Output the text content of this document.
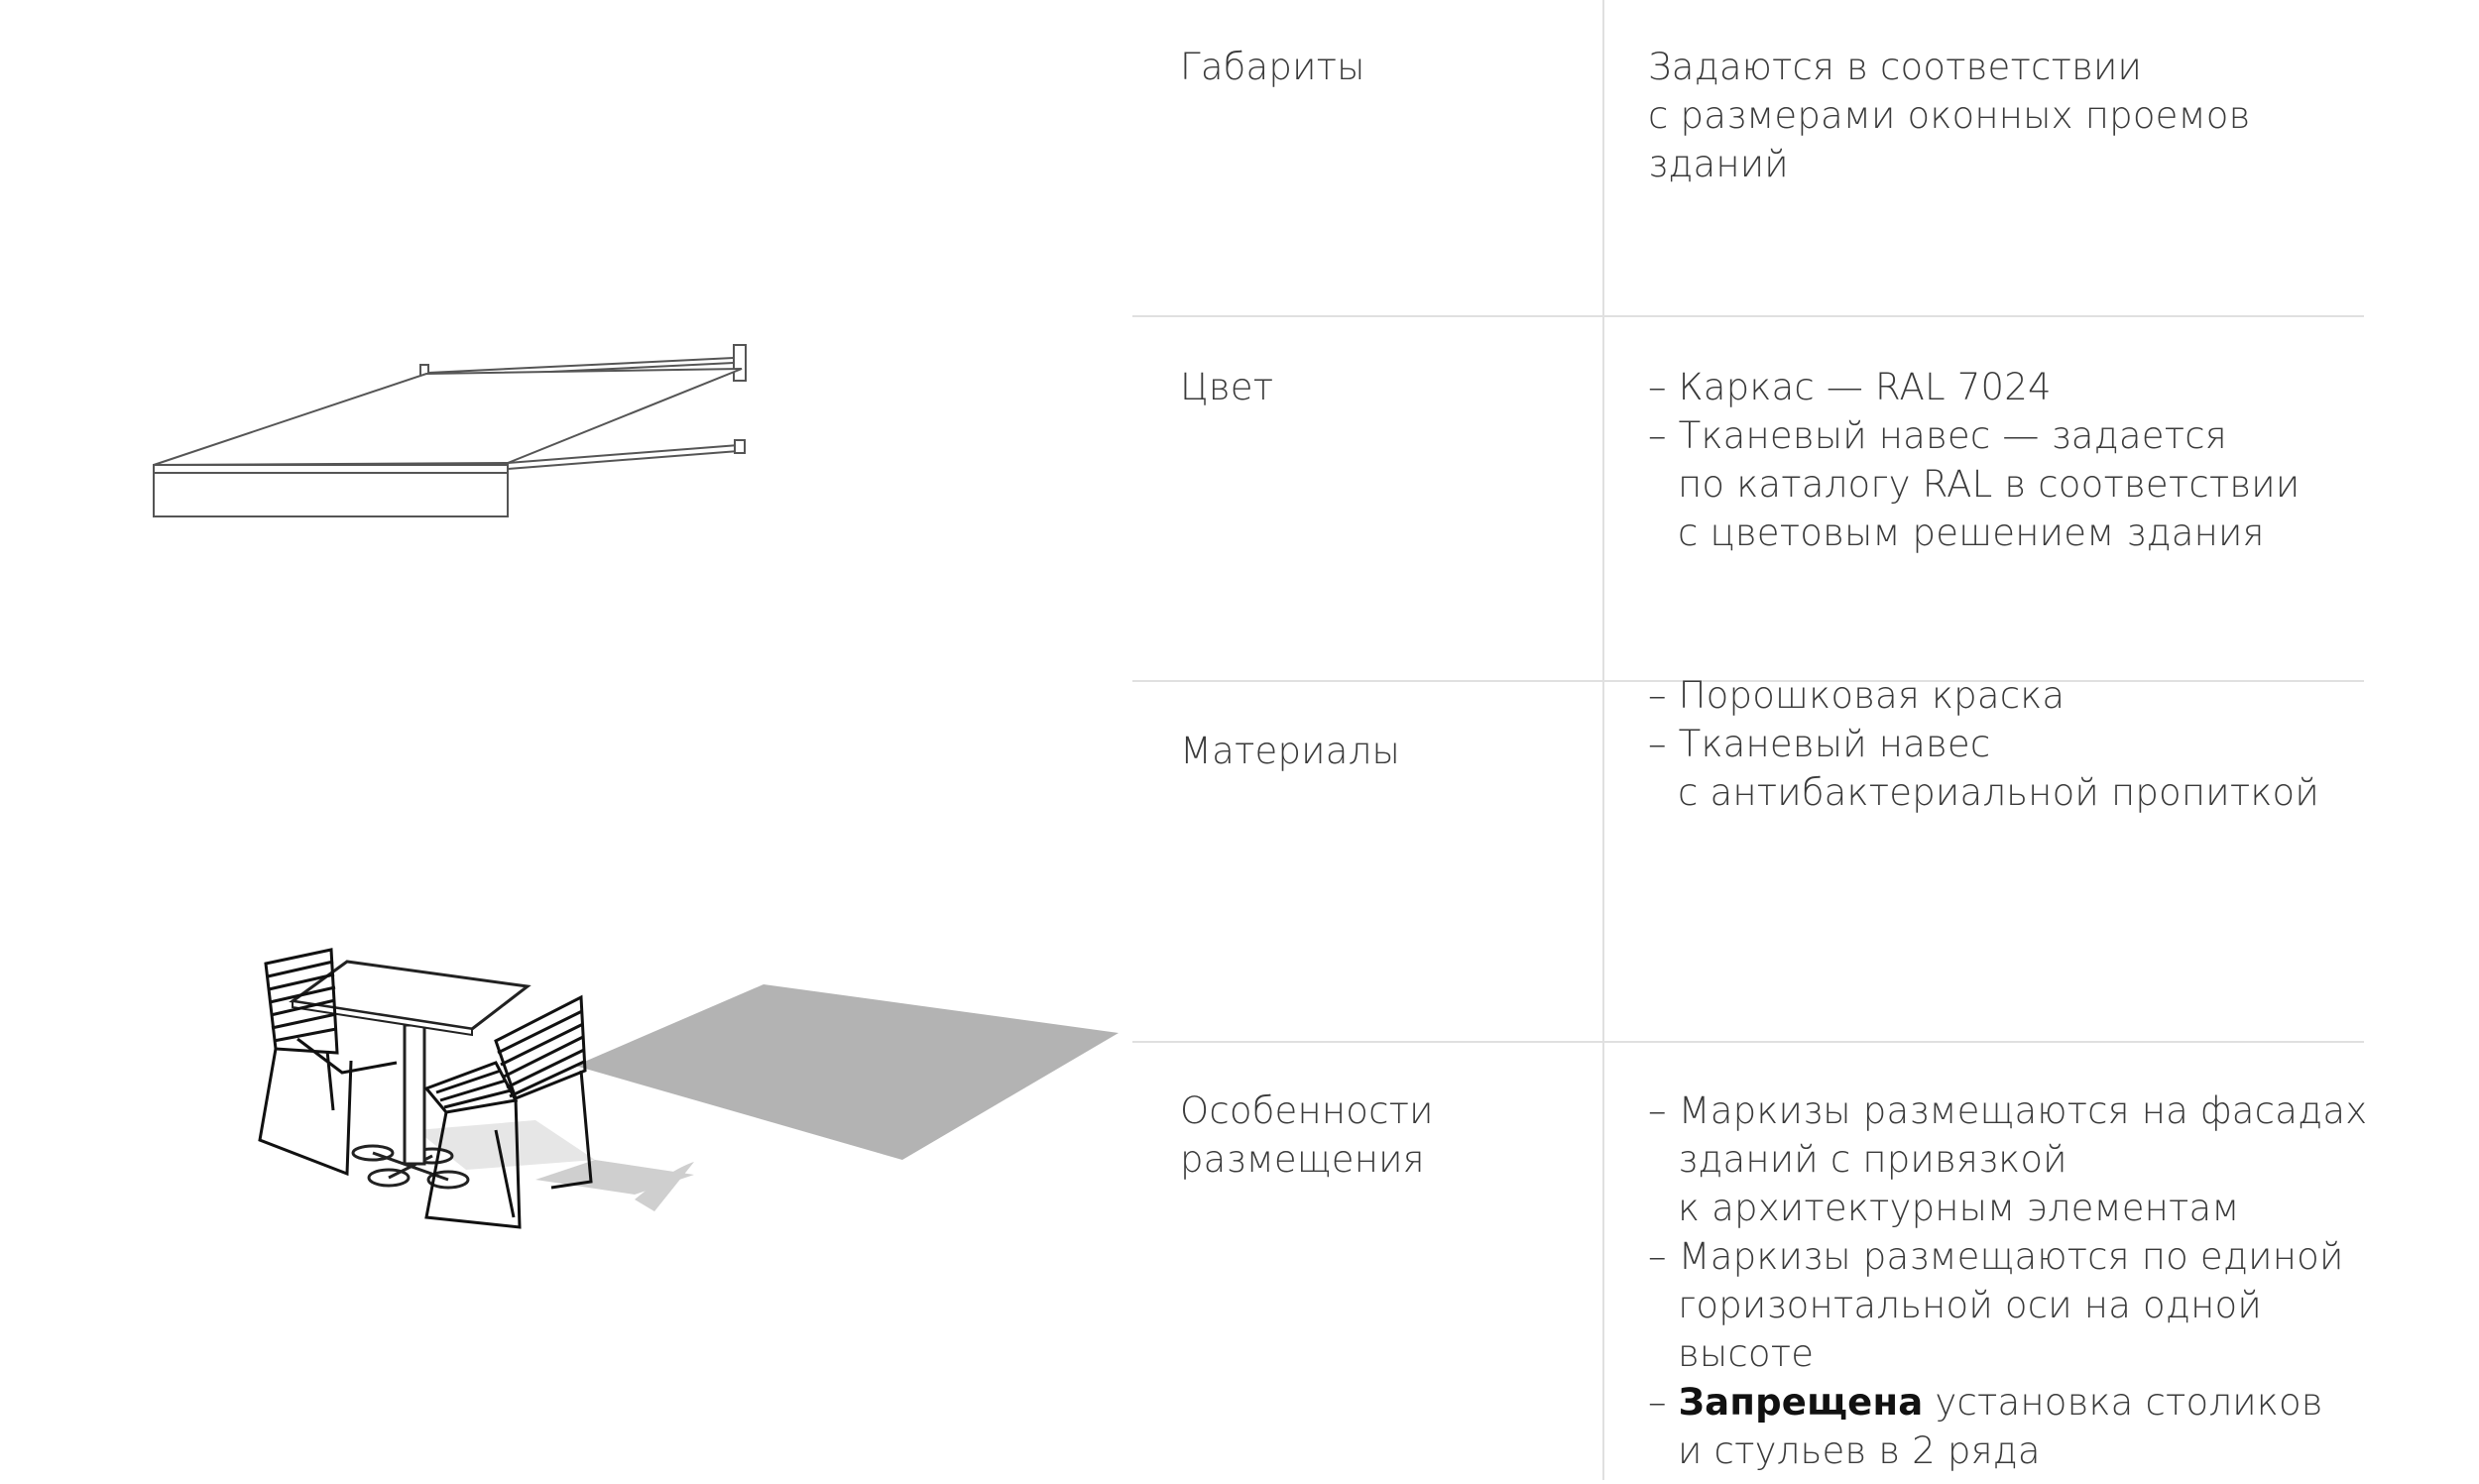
Габариты	Задаются в соответствии
с размерами оконных проемов
зданий
Цвет	– Каркас — RAL 7024
– Тканевый навес — задается
по каталогу RAL в соответствии
с цветовым решением здания
Материалы
– Порошковая краска
– Тканевый навес
с антибактериальной пропиткой
Особенности
размещения
– Маркизы размещаются на фасадах
зданий с привязкой
к архитектурным элементам
– Маркизы размещаются по единой
горизонтальной оси на одной
высоте
– Запрещена установка столиков
и стульев в 2 ряда
